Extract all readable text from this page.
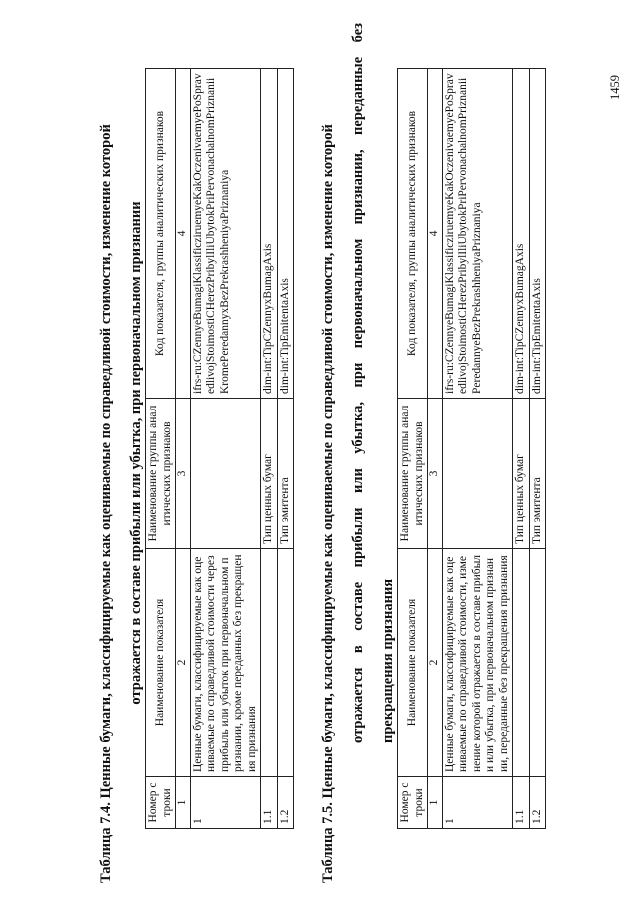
Таблица 7.4. Ценные бумаги, классифицируемые как оцениваемые по справедливой стоимости, изменение которой отражается в составе прибыли или убытка, при первоначальном признании
Номер строки	Наименование показателя	Наименование группы аналитических признаков	Код показателя, группы аналитических признаков
1	2	3	4
1	Ценные бумаги, классифицируемые как оцениваемые по справедливой стоимости через прибыль или убыток при первоначальном признании, кроме переданных без прекращения признания		ifrs-ru:CZennyeBumagiKlassificziruemyeKakOczenivaemyePoSpravedlivojStoimostiCHerezPribylIliUbytokPriPervonachalnomPriznaniiKromePeredannyxBezPrekrashheniyaPriznaniya
1.1		Тип ценных бумаг	dim-int:TipCZennyxBumagAxis
1.2		Тип эмитента	dim-int:TipEmitentaAxis
Таблица 7.5. Ценные бумаги, классифицируемые как оцениваемые по справедливой стоимости, изменение которой отражается в составе прибыли или убытка, при первоначальном признании, переданные без прекращения признания
Номер строки	Наименование показателя	Наименование группы аналитических признаков	Код показателя, группы аналитических признаков
1	2	3	4
1	Ценные бумаги, классифицируемые как оцениваемые по справедливой стоимости, изменение которой отражается в составе прибыли или убытка, при первоначальном признании, переданные без прекращения признания		ifrs-ru:CZennyeBumagiKlassificziruemyeKakOczenivaemyePoSpravedlivojStoimostiCHerezPribylIliUbytokPriPervonachalnomPriznaniiPeredannyeBezPrekrashheniyaPriznaniya
1.1		Тип ценных бумаг	dim-int:TipCZennyxBumagAxis
1.2		Тип эмитента	dim-int:TipEmitentaAxis
1459
